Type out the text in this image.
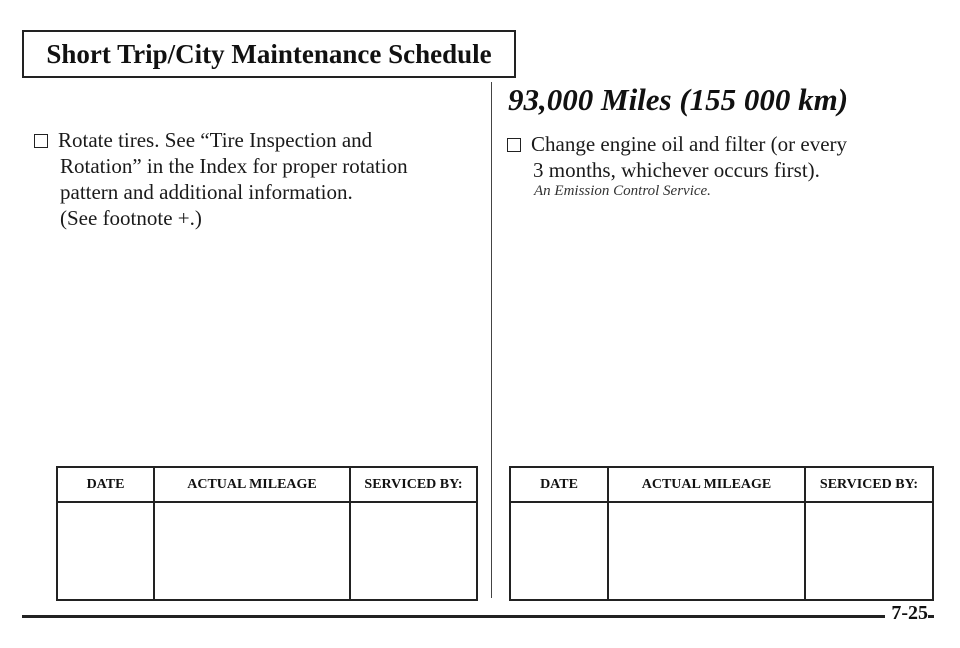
Short Trip/City Maintenance Schedule
Rotate tires. See “Tire Inspection and
Rotation” in the Index for proper rotation
pattern and additional information.
(See footnote +.)
DATE	ACTUAL MILEAGE	SERVICED BY:

93,000 Miles (155 000 km)
Change engine oil and filter (or every
3 months, whichever occurs first).
An Emission Control Service.
DATE	ACTUAL MILEAGE	SERVICED BY:

7-25
